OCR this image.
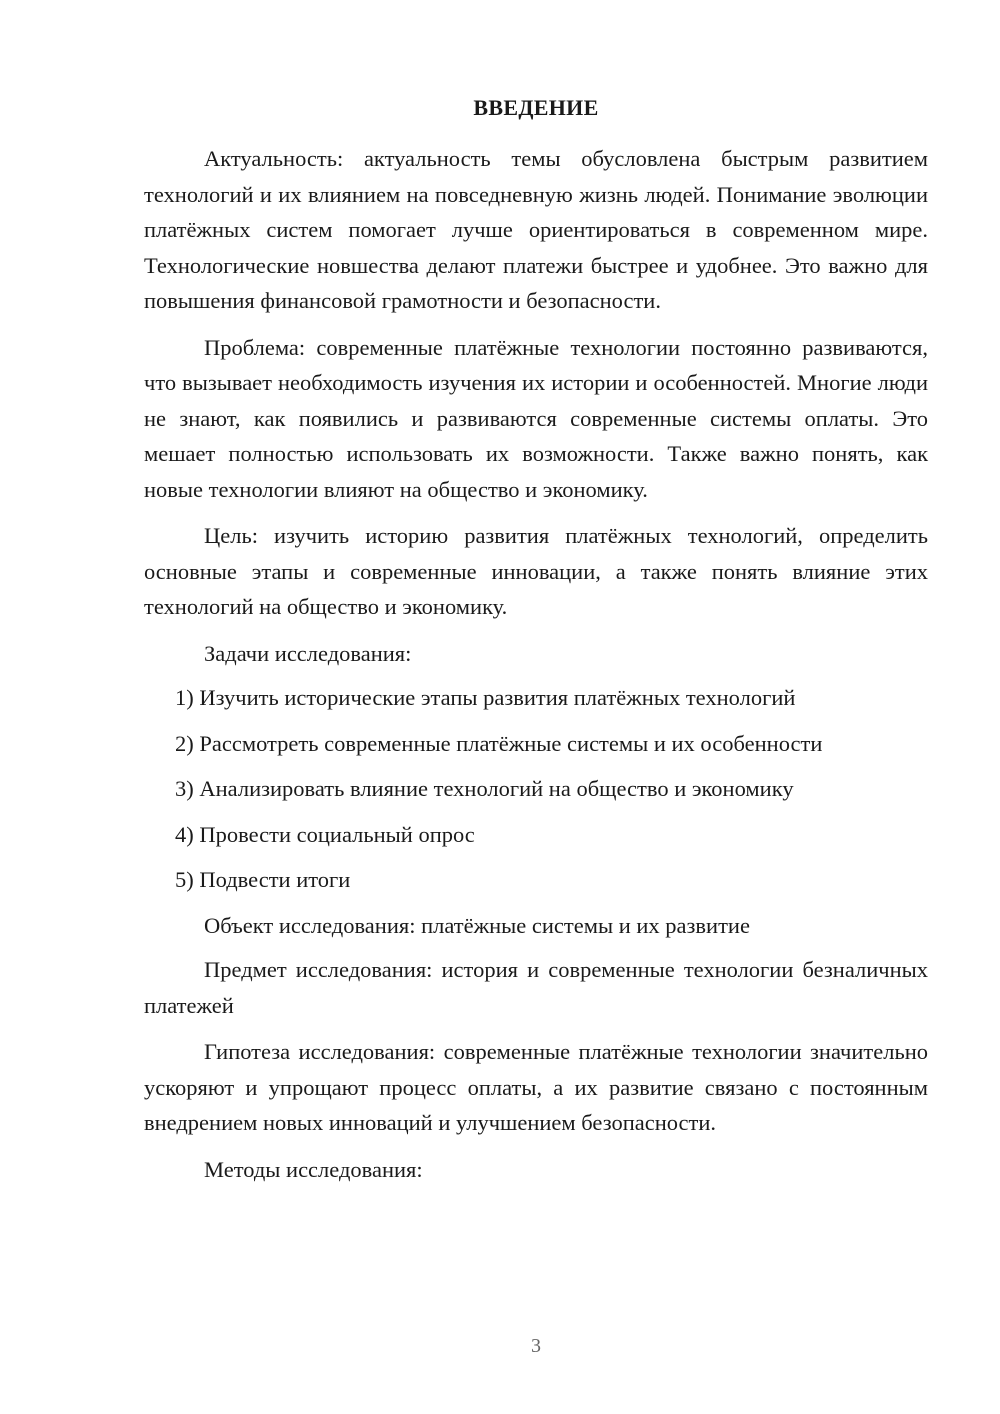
ВВЕДЕНИЕ

Актуальность: актуальность темы обусловлена быстрым развитием технологий и их влиянием на повседневную жизнь людей. Понимание эволюции платёжных систем помогает лучше ориентироваться в современном мире. Технологические новшества делают платежи быстрее и удобнее. Это важно для повышения финансовой грамотности и безопасности.

Проблема: современные платёжные технологии постоянно развиваются, что вызывает необходимость изучения их истории и особенностей. Многие люди не знают, как появились и развиваются современные системы оплаты. Это мешает полностью использовать их возможности. Также важно понять, как новые технологии влияют на общество и экономику.

Цель: изучить историю развития платёжных технологий, определить основные этапы и современные инновации, а также понять влияние этих технологий на общество и экономику.

Задачи исследования:

1) Изучить исторические этапы развития платёжных технологий

2) Рассмотреть современные платёжные системы и их особенности

3) Анализировать влияние технологий на общество и экономику

4) Провести социальный опрос

5) Подвести итоги

Объект исследования: платёжные системы и их развитие

Предмет исследования: история и современные технологии безналичных платежей

Гипотеза исследования: современные платёжные технологии значительно ускоряют и упрощают процесс оплаты, а их развитие связано с постоянным внедрением новых инноваций и улучшением безопасности.

Методы исследования:

3
